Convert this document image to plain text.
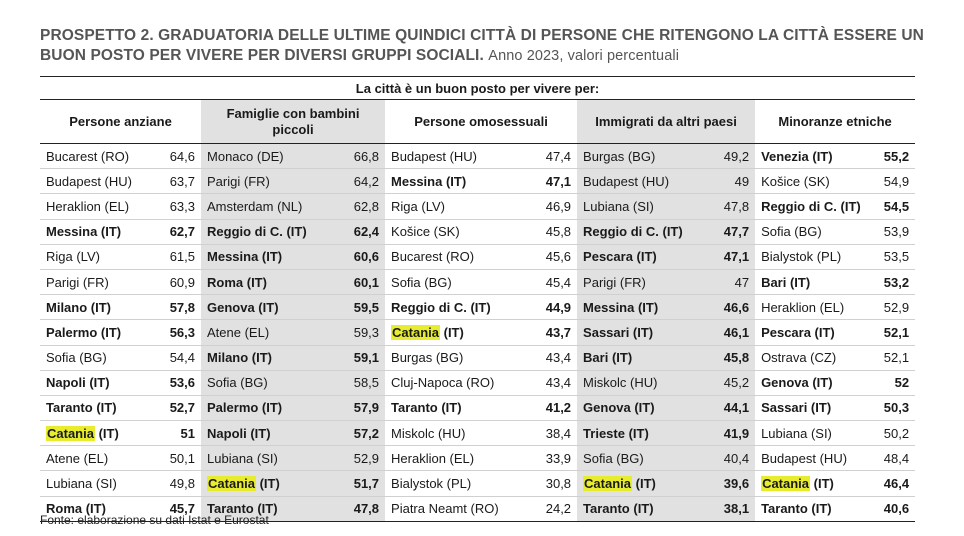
PROSPETTO 2. GRADUATORIA DELLE ULTIME QUINDICI CITTÀ DI PERSONE CHE RITENGONO LA CITTÀ ESSERE UN BUON POSTO PER VIVERE PER DIVERSI GRUPPI SOCIALI. Anno 2023, valori percentuali
La città è un buon posto per vivere per:
Persone anziane		Famiglie con bambini piccoli		Persone omosessuali		Immigrati da altri paesi		Minoranze etniche	
Bucarest (RO)	64,6	Monaco (DE)	66,8	Budapest (HU)	47,4	Burgas (BG)	49,2	Venezia (IT)	55,2
Budapest (HU)	63,7	Parigi (FR)	64,2	Messina (IT)	47,1	Budapest (HU)	49	Košice (SK)	54,9
Heraklion (EL)	63,3	Amsterdam (NL)	62,8	Riga (LV)	46,9	Lubiana (SI)	47,8	Reggio di C. (IT)	54,5
Messina (IT)	62,7	Reggio di C. (IT)	62,4	Košice (SK)	45,8	Reggio di C. (IT)	47,7	Sofia (BG)	53,9
Riga (LV)	61,5	Messina (IT)	60,6	Bucarest (RO)	45,6	Pescara (IT)	47,1	Bialystok (PL)	53,5
Parigi (FR)	60,9	Roma (IT)	60,1	Sofia (BG)	45,4	Parigi (FR)	47	Bari (IT)	53,2
Milano (IT)	57,8	Genova (IT)	59,5	Reggio di C. (IT)	44,9	Messina (IT)	46,6	Heraklion (EL)	52,9
Palermo (IT)	56,3	Atene (EL)	59,3	Catania (IT)	43,7	Sassari (IT)	46,1	Pescara (IT)	52,1
Sofia (BG)	54,4	Milano (IT)	59,1	Burgas (BG)	43,4	Bari (IT)	45,8	Ostrava (CZ)	52,1
Napoli (IT)	53,6	Sofia (BG)	58,5	Cluj-Napoca (RO)	43,4	Miskolc (HU)	45,2	Genova (IT)	52
Taranto (IT)	52,7	Palermo (IT)	57,9	Taranto (IT)	41,2	Genova (IT)	44,1	Sassari (IT)	50,3
Catania (IT)	51	Napoli (IT)	57,2	Miskolc (HU)	38,4	Trieste (IT)	41,9	Lubiana (SI)	50,2
Atene (EL)	50,1	Lubiana (SI)	52,9	Heraklion (EL)	33,9	Sofia (BG)	40,4	Budapest (HU)	48,4
Lubiana (SI)	49,8	Catania (IT)	51,7	Bialystok (PL)	30,8	Catania (IT)	39,6	Catania (IT)	46,4
Roma (IT)	45,7	Taranto (IT)	47,8	Piatra Neamt (RO)	24,2	Taranto (IT)	38,1	Taranto (IT)	40,6
Fonte: elaborazione su dati Istat e Eurostat
